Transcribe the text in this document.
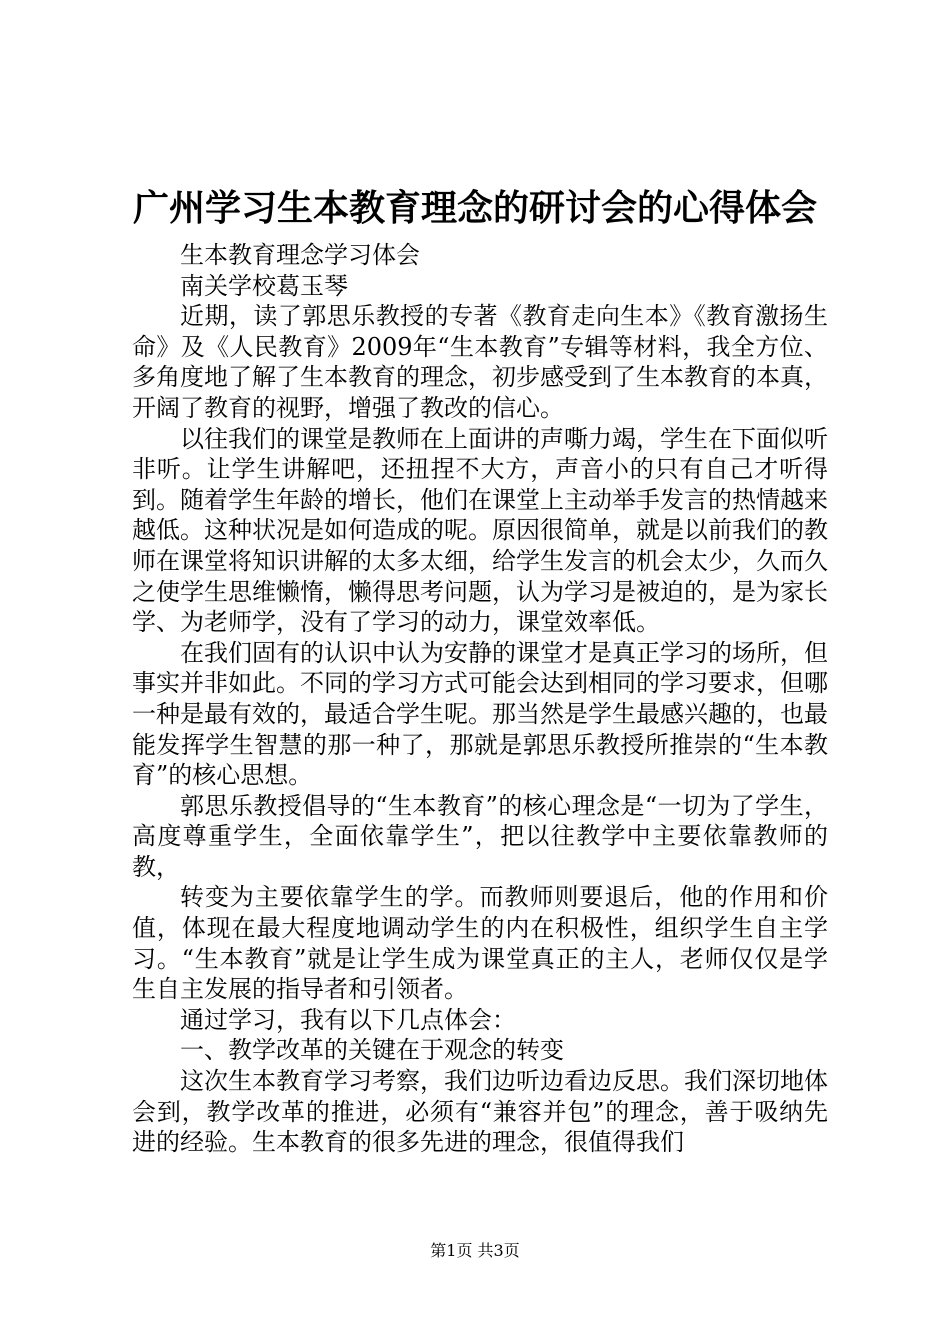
广州学习生本教育理念的研讨会的心得体会

生本教育理念学习体会

南关学校葛玉琴

近期，读了郭思乐教授的专著《教育走向生本》《教育激扬生命》及《人民教育》2009年“生本教育”专辑等材料，我全方位、多角度地了解了生本教育的理念，初步感受到了生本教育的本真，开阔了教育的视野，增强了教改的信心。

以往我们的课堂是教师在上面讲的声嘶力竭，学生在下面似听非听。让学生讲解吧，还扭捏不大方，声音小的只有自己才听得到。随着学生年龄的增长，他们在课堂上主动举手发言的热情越来越低。这种状况是如何造成的呢。原因很简单，就是以前我们的教师在课堂将知识讲解的太多太细，给学生发言的机会太少，久而久之使学生思维懒惰，懒得思考问题，认为学习是被迫的，是为家长学、为老师学，没有了学习的动力，课堂效率低。

在我们固有的认识中认为安静的课堂才是真正学习的场所，但事实并非如此。不同的学习方式可能会达到相同的学习要求，但哪一种是最有效的，最适合学生呢。那当然是学生最感兴趣的，也最能发挥学生智慧的那一种了，那就是郭思乐教授所推崇的“生本教育”的核心思想。

郭思乐教授倡导的“生本教育”的核心理念是“一切为了学生，高度尊重学生，全面依靠学生”，把以往教学中主要依靠教师的教，

转变为主要依靠学生的学。而教师则要退后，他的作用和价值，体现在最大程度地调动学生的内在积极性，组织学生自主学习。“生本教育”就是让学生成为课堂真正的主人，老师仅仅是学生自主发展的指导者和引领者。

通过学习，我有以下几点体会：

一、教学改革的关键在于观念的转变

这次生本教育学习考察，我们边听边看边反思。我们深切地体会到，教学改革的推进，必须有“兼容并包”的理念，善于吸纳先进的经验。生本教育的很多先进的理念，很值得我们

第1页 共3页
